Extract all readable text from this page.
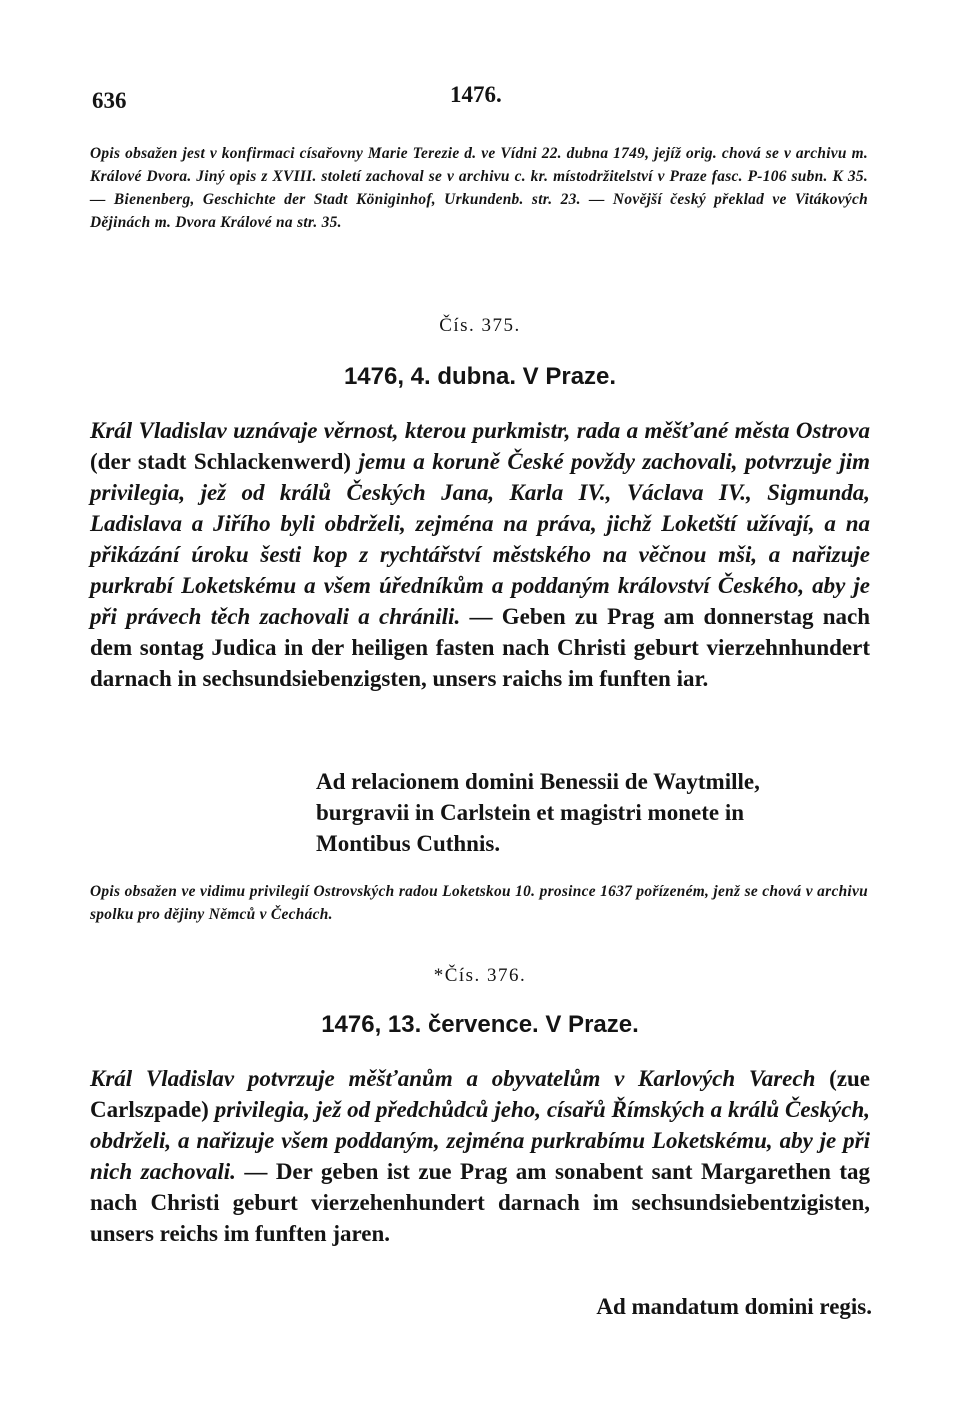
636	1476.
Opis obsažen jest v konfirmaci císařovny Marie Terezie d. ve Vídni 22. dubna 1749, jejíž orig. chová se v archivu m. Králové Dvora. Jiný opis z XVIII. století zachoval se v archivu c. kr. místodržitelství v Praze fasc. P-106 subn. K 35. — Bienenberg, Geschichte der Stadt Königinhof, Urkundenb. str. 23. — Novější český překlad ve Vitákových Dějinách m. Dvora Králové na str. 35.
Čís. 375.
1476, 4. dubna. V Praze.
Král Vladislav uznávaje věrnost, kterou purkmistr, rada a měšťané města Ostrova (der stadt Schlackenwerd) jemu a koruně České povždy zachovali, potvrzuje jim privilegia, jež od králů Českých Jana, Karla IV., Václava IV., Sigmunda, Ladislava a Jiřího byli obdrželi, zejména na práva, jichž Loketští užívají, a na přikázání úroku šesti kop z rychtářství městského na věčnou mši, a nařizuje purkrabí Loketskému a všem úředníkům a poddaným království Českého, aby je při právech těch zachovali a chránili. — Geben zu Prag am donnerstag nach dem sontag Judica in der heiligen fasten nach Christi geburt vierzehnhundert darnach in sechsundsiebenzigsten, unsers raichs im funften iar.
Ad relacionem domini Benessii de Waytmille,
burgravii in Carlstein et magistri monete in
Montibus Cuthnis.
Opis obsažen ve vidimu privilegií Ostrovských radou Loketskou 10. prosince 1637 pořízeném, jenž se chová v archivu spolku pro dějiny Němců v Čechách.
*Čís. 376.
1476, 13. července. V Praze.
Král Vladislav potvrzuje měšťanům a obyvatelům v Karlových Varech (zue Carlszpade) privilegia, jež od předchůdců jeho, císařů Římských a králů Českých, obdrželi, a nařizuje všem poddaným, zejména purkrabímu Loketskému, aby je při nich zachovali. — Der geben ist zue Prag am sonabent sant Margarethen tag nach Christi geburt vierzehenhundert darnach im sechsundsiebentzigisten, unsers reichs im funften jaren.
Ad mandatum domini regis.
